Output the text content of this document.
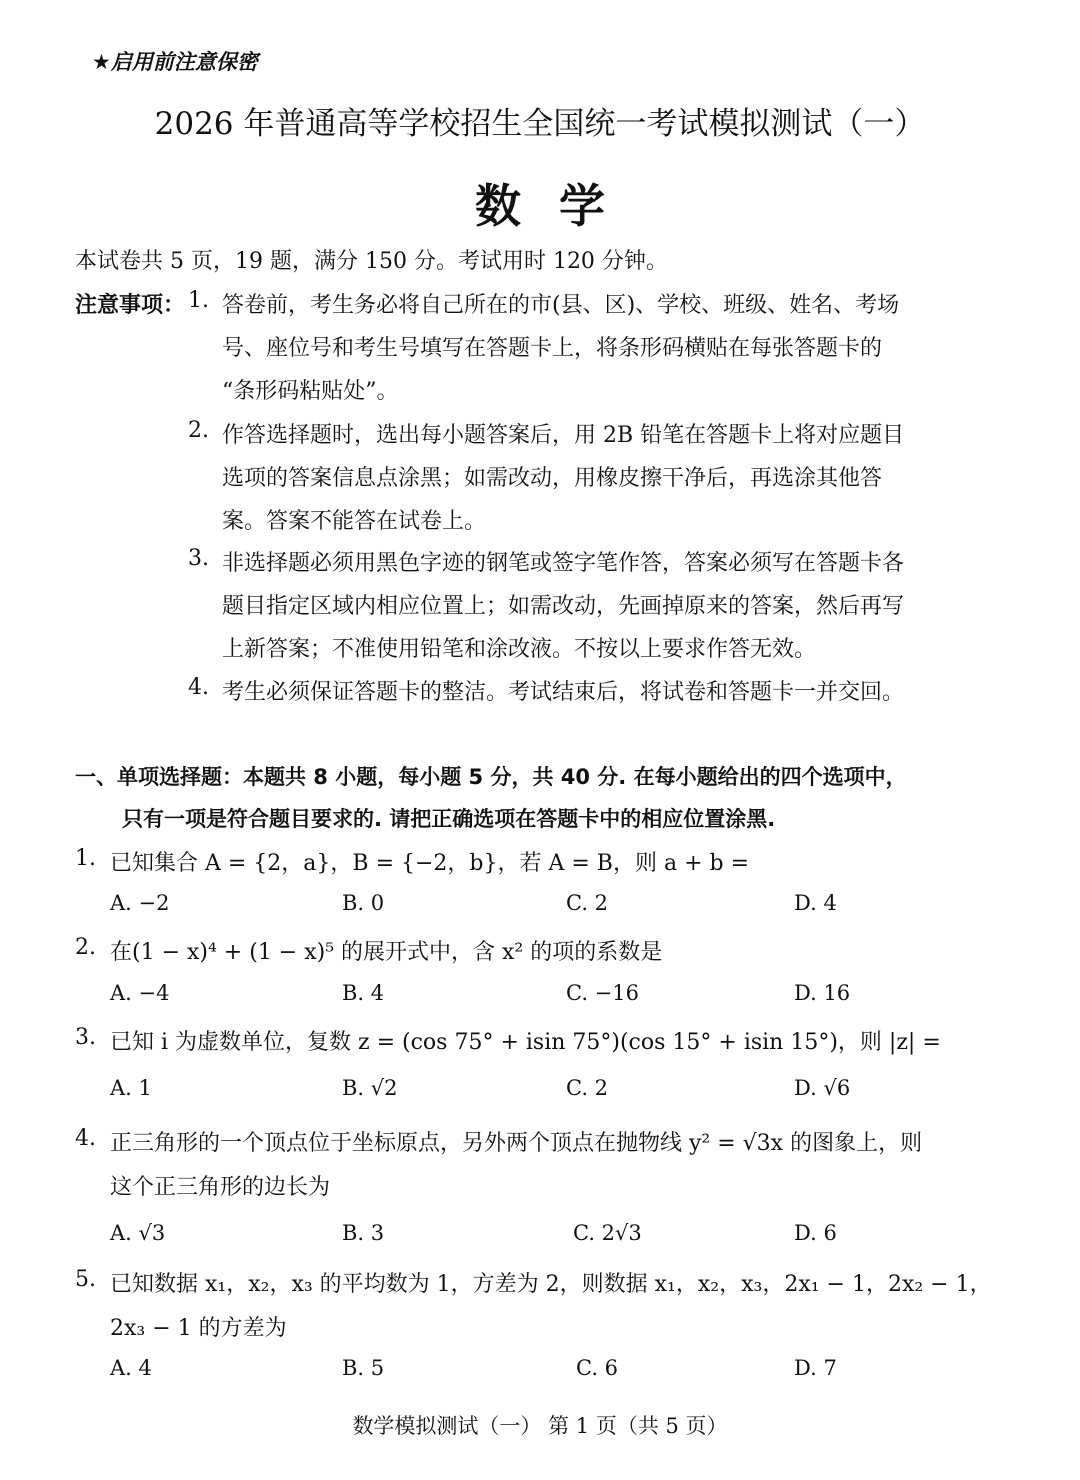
★启用前注意保密
2026 年普通高等学校招生全国统一考试模拟测试（一）
数学
本试卷共 5 页，19 题，满分 150 分。考试用时 120 分钟。
注意事项： 1. 答卷前，考生务必将自己所在的市(县、区)、学校、班级、姓名、考场
号、座位号和考生号填写在答题卡上，将条形码横贴在每张答题卡的
“条形码粘贴处”。
2. 作答选择题时，选出每小题答案后，用 2B 铅笔在答题卡上将对应题目
选项的答案信息点涂黑；如需改动，用橡皮擦干净后，再选涂其他答
案。答案不能答在试卷上。
3. 非选择题必须用黑色字迹的钢笔或签字笔作答，答案必须写在答题卡各
题目指定区域内相应位置上；如需改动，先画掉原来的答案，然后再写
上新答案；不准使用铅笔和涂改液。不按以上要求作答无效。
4. 考生必须保证答题卡的整洁。考试结束后，将试卷和答题卡一并交回。
一、单项选择题：本题共 8 小题，每小题 5 分，共 40 分. 在每小题给出的四个选项中，
只有一项是符合题目要求的. 请把正确选项在答题卡中的相应位置涂黑.
1. 已知集合 A = {2，a}，B = {−2，b}，若 A = B，则 a + b =
A. −2	B. 0	C. 2	D. 4
2. 在(1 − x)⁴ + (1 − x)⁵ 的展开式中，含 x² 的项的系数是
A. −4	B. 4	C. −16	D. 16
3. 已知 i 为虚数单位，复数 z = (cos 75° + isin 75°)(cos 15° + isin 15°)，则 |z| =
A. 1	B. √2	C. 2	D. √6
4. 正三角形的一个顶点位于坐标原点，另外两个顶点在抛物线 y² = √3x 的图象上，则
这个正三角形的边长为
A. √3	B. 3	C. 2√3	D. 6
5. 已知数据 x₁，x₂，x₃ 的平均数为 1，方差为 2，则数据 x₁，x₂，x₃，2x₁ − 1，2x₂ − 1，
2x₃ − 1 的方差为
A. 4	B. 5	C. 6	D. 7
数学模拟测试（一） 第 1 页（共 5 页）
